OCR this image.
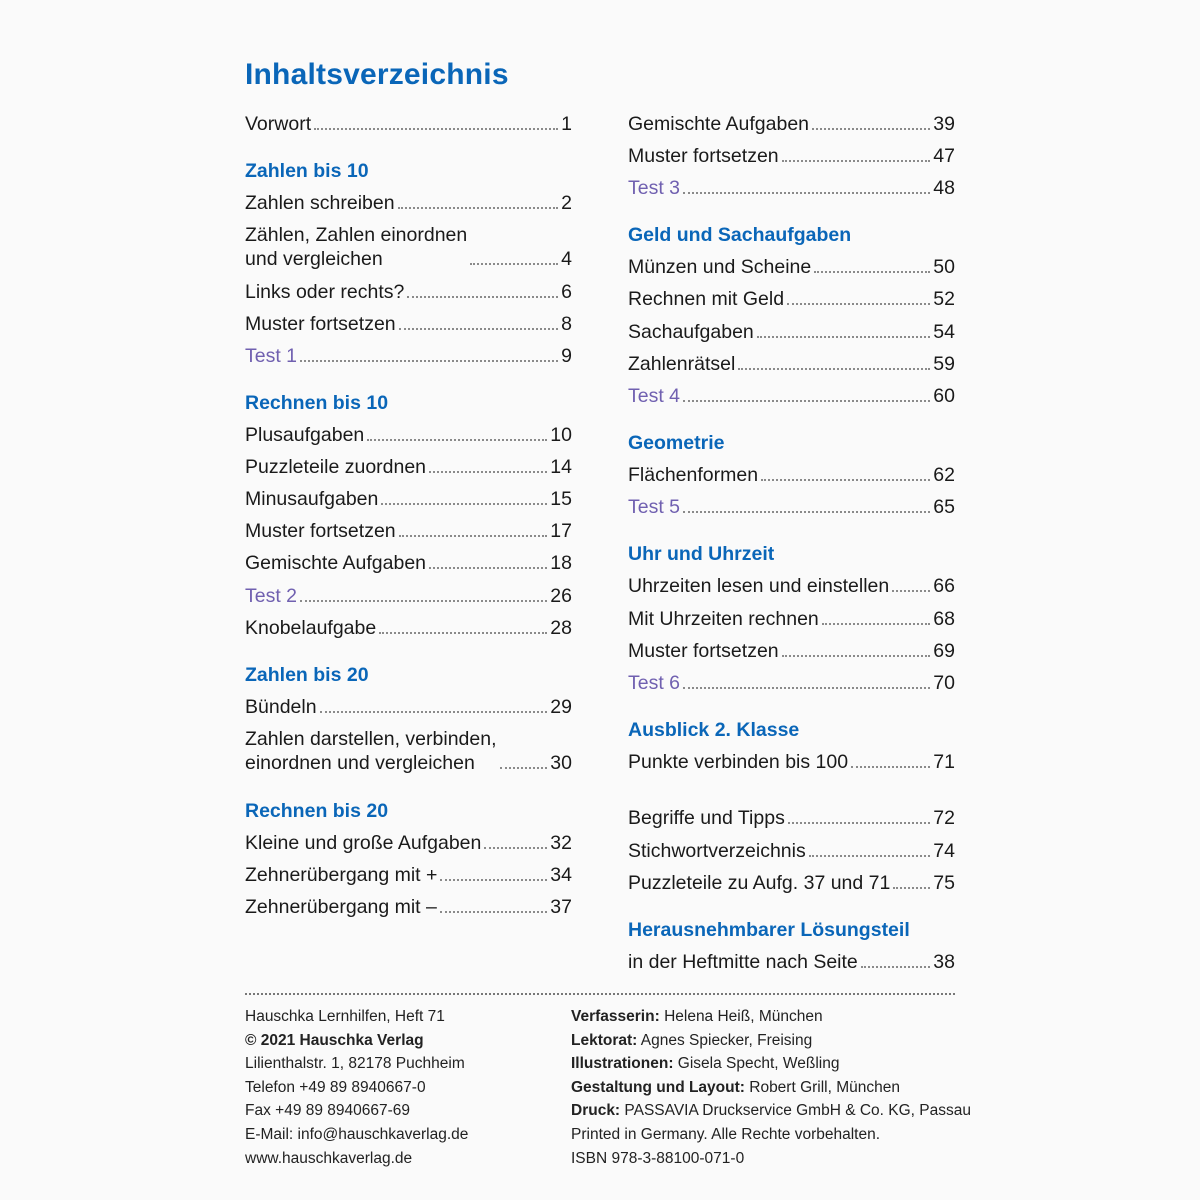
Inhaltsverzeichnis
Vorwort	1
Zahlen bis 10
Zahlen schreiben	2
Zählen, Zahlen einordnen
und vergleichen	4
Links oder rechts?	6
Muster fortsetzen	8
Test 1	9
Rechnen bis 10
Plusaufgaben	10
Puzzleteile zuordnen	14
Minusaufgaben	15
Muster fortsetzen	17
Gemischte Aufgaben	18
Test 2	26
Knobelaufgabe	28
Zahlen bis 20
Bündeln	29
Zahlen darstellen, verbinden,
einordnen und vergleichen	30
Rechnen bis 20
Kleine und große Aufgaben	32
Zehnerübergang mit +	34
Zehnerübergang mit –	37
Gemischte Aufgaben	39
Muster fortsetzen	47
Test 3	48
Geld und Sachaufgaben
Münzen und Scheine	50
Rechnen mit Geld	52
Sachaufgaben	54
Zahlenrätsel	59
Test 4	60
Geometrie
Flächenformen	62
Test 5	65
Uhr und Uhrzeit
Uhrzeiten lesen und einstellen 66
Mit Uhrzeiten rechnen	68
Muster fortsetzen	69
Test 6	70
Ausblick 2. Klasse
Punkte verbinden bis 100	71
Begriffe und Tipps	72
Stichwortverzeichnis	74
Puzzleteile zu Aufg. 37 und 71 75
Herausnehmbarer Lösungsteil
in der Heftmitte nach Seite	38
Hauschka Lernhilfen, Heft 71
© 2021 Hauschka Verlag
Lilienthalstr. 1, 82178 Puchheim
Telefon +49 89 8940667-0
Fax +49 89 8940667-69
E-Mail: info@hauschkaverlag.de
www.hauschkaverlag.de
Verfasserin: Helena Heiß, München
Lektorat: Agnes Spiecker, Freising
Illustrationen: Gisela Specht, Weßling
Gestaltung und Layout: Robert Grill, München
Druck: PASSAVIA Druckservice GmbH & Co. KG, Passau
Printed in Germany. Alle Rechte vorbehalten.
ISBN 978-3-88100-071-0
